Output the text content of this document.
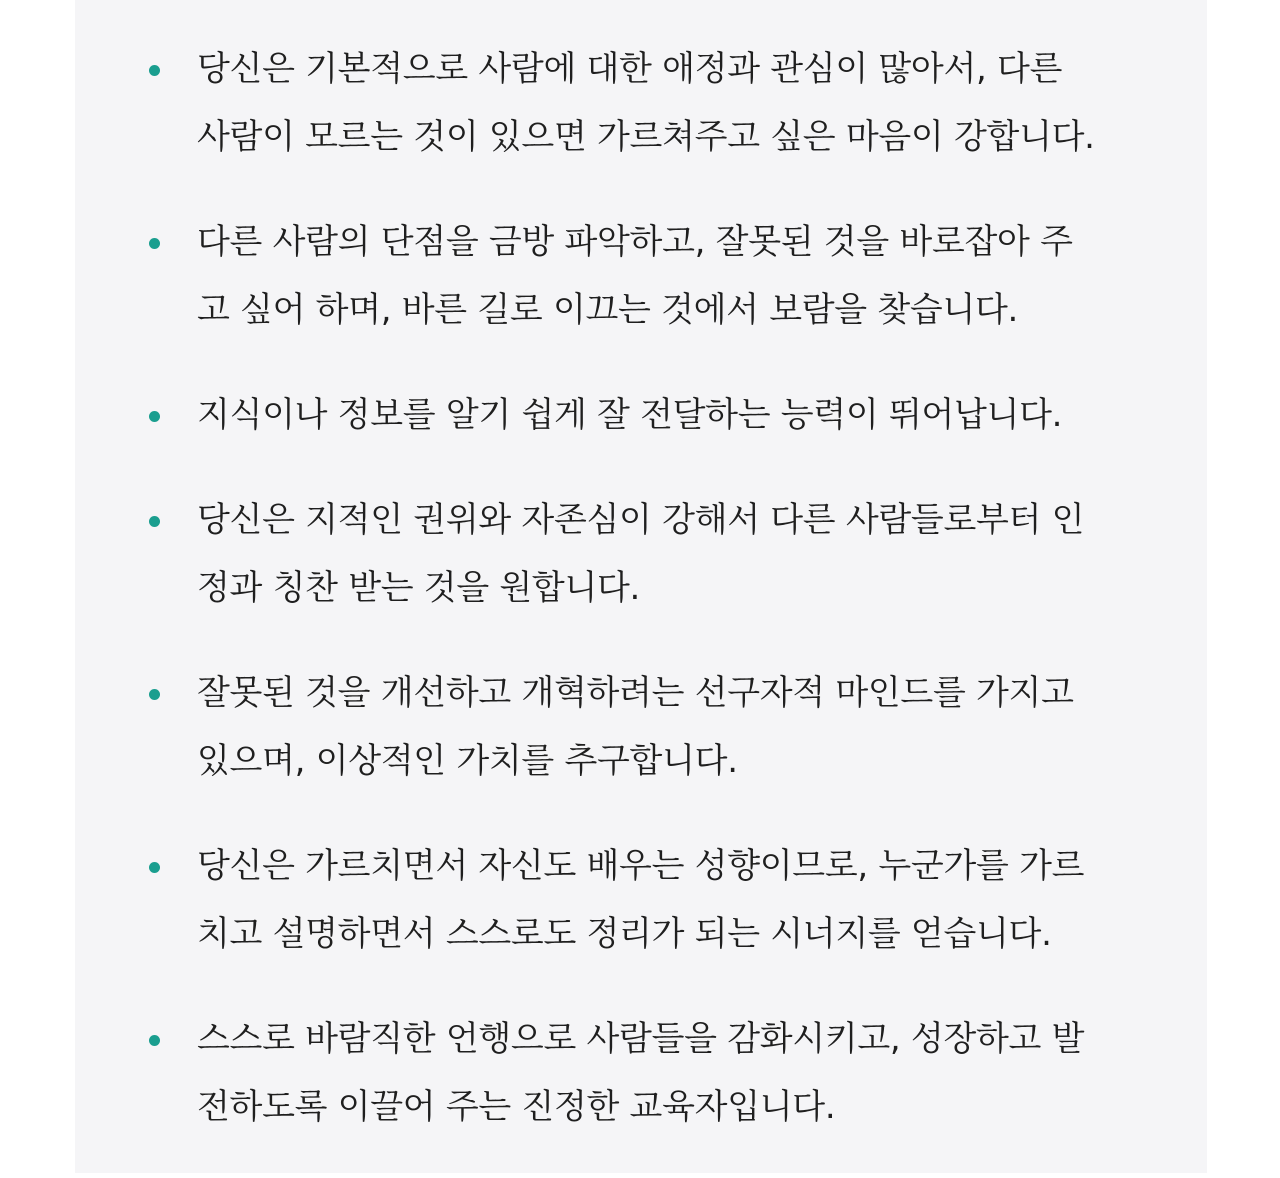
당신은 기본적으로 사람에 대한 애정과 관심이 많아서, 다른
사람이 모르는 것이 있으면 가르쳐주고 싶은 마음이 강합니다.
다른 사람의 단점을 금방 파악하고, 잘못된 것을 바로잡아 주
고 싶어 하며, 바른 길로 이끄는 것에서 보람을 찾습니다.
지식이나 정보를 알기 쉽게 잘 전달하는 능력이 뛰어납니다.
당신은 지적인 권위와 자존심이 강해서 다른 사람들로부터 인
정과 칭찬 받는 것을 원합니다.
잘못된 것을 개선하고 개혁하려는 선구자적 마인드를 가지고
있으며, 이상적인 가치를 추구합니다.
당신은 가르치면서 자신도 배우는 성향이므로, 누군가를 가르
치고 설명하면서 스스로도 정리가 되는 시너지를 얻습니다.
스스로 바람직한 언행으로 사람들을 감화시키고, 성장하고 발
전하도록 이끌어 주는 진정한 교육자입니다.
